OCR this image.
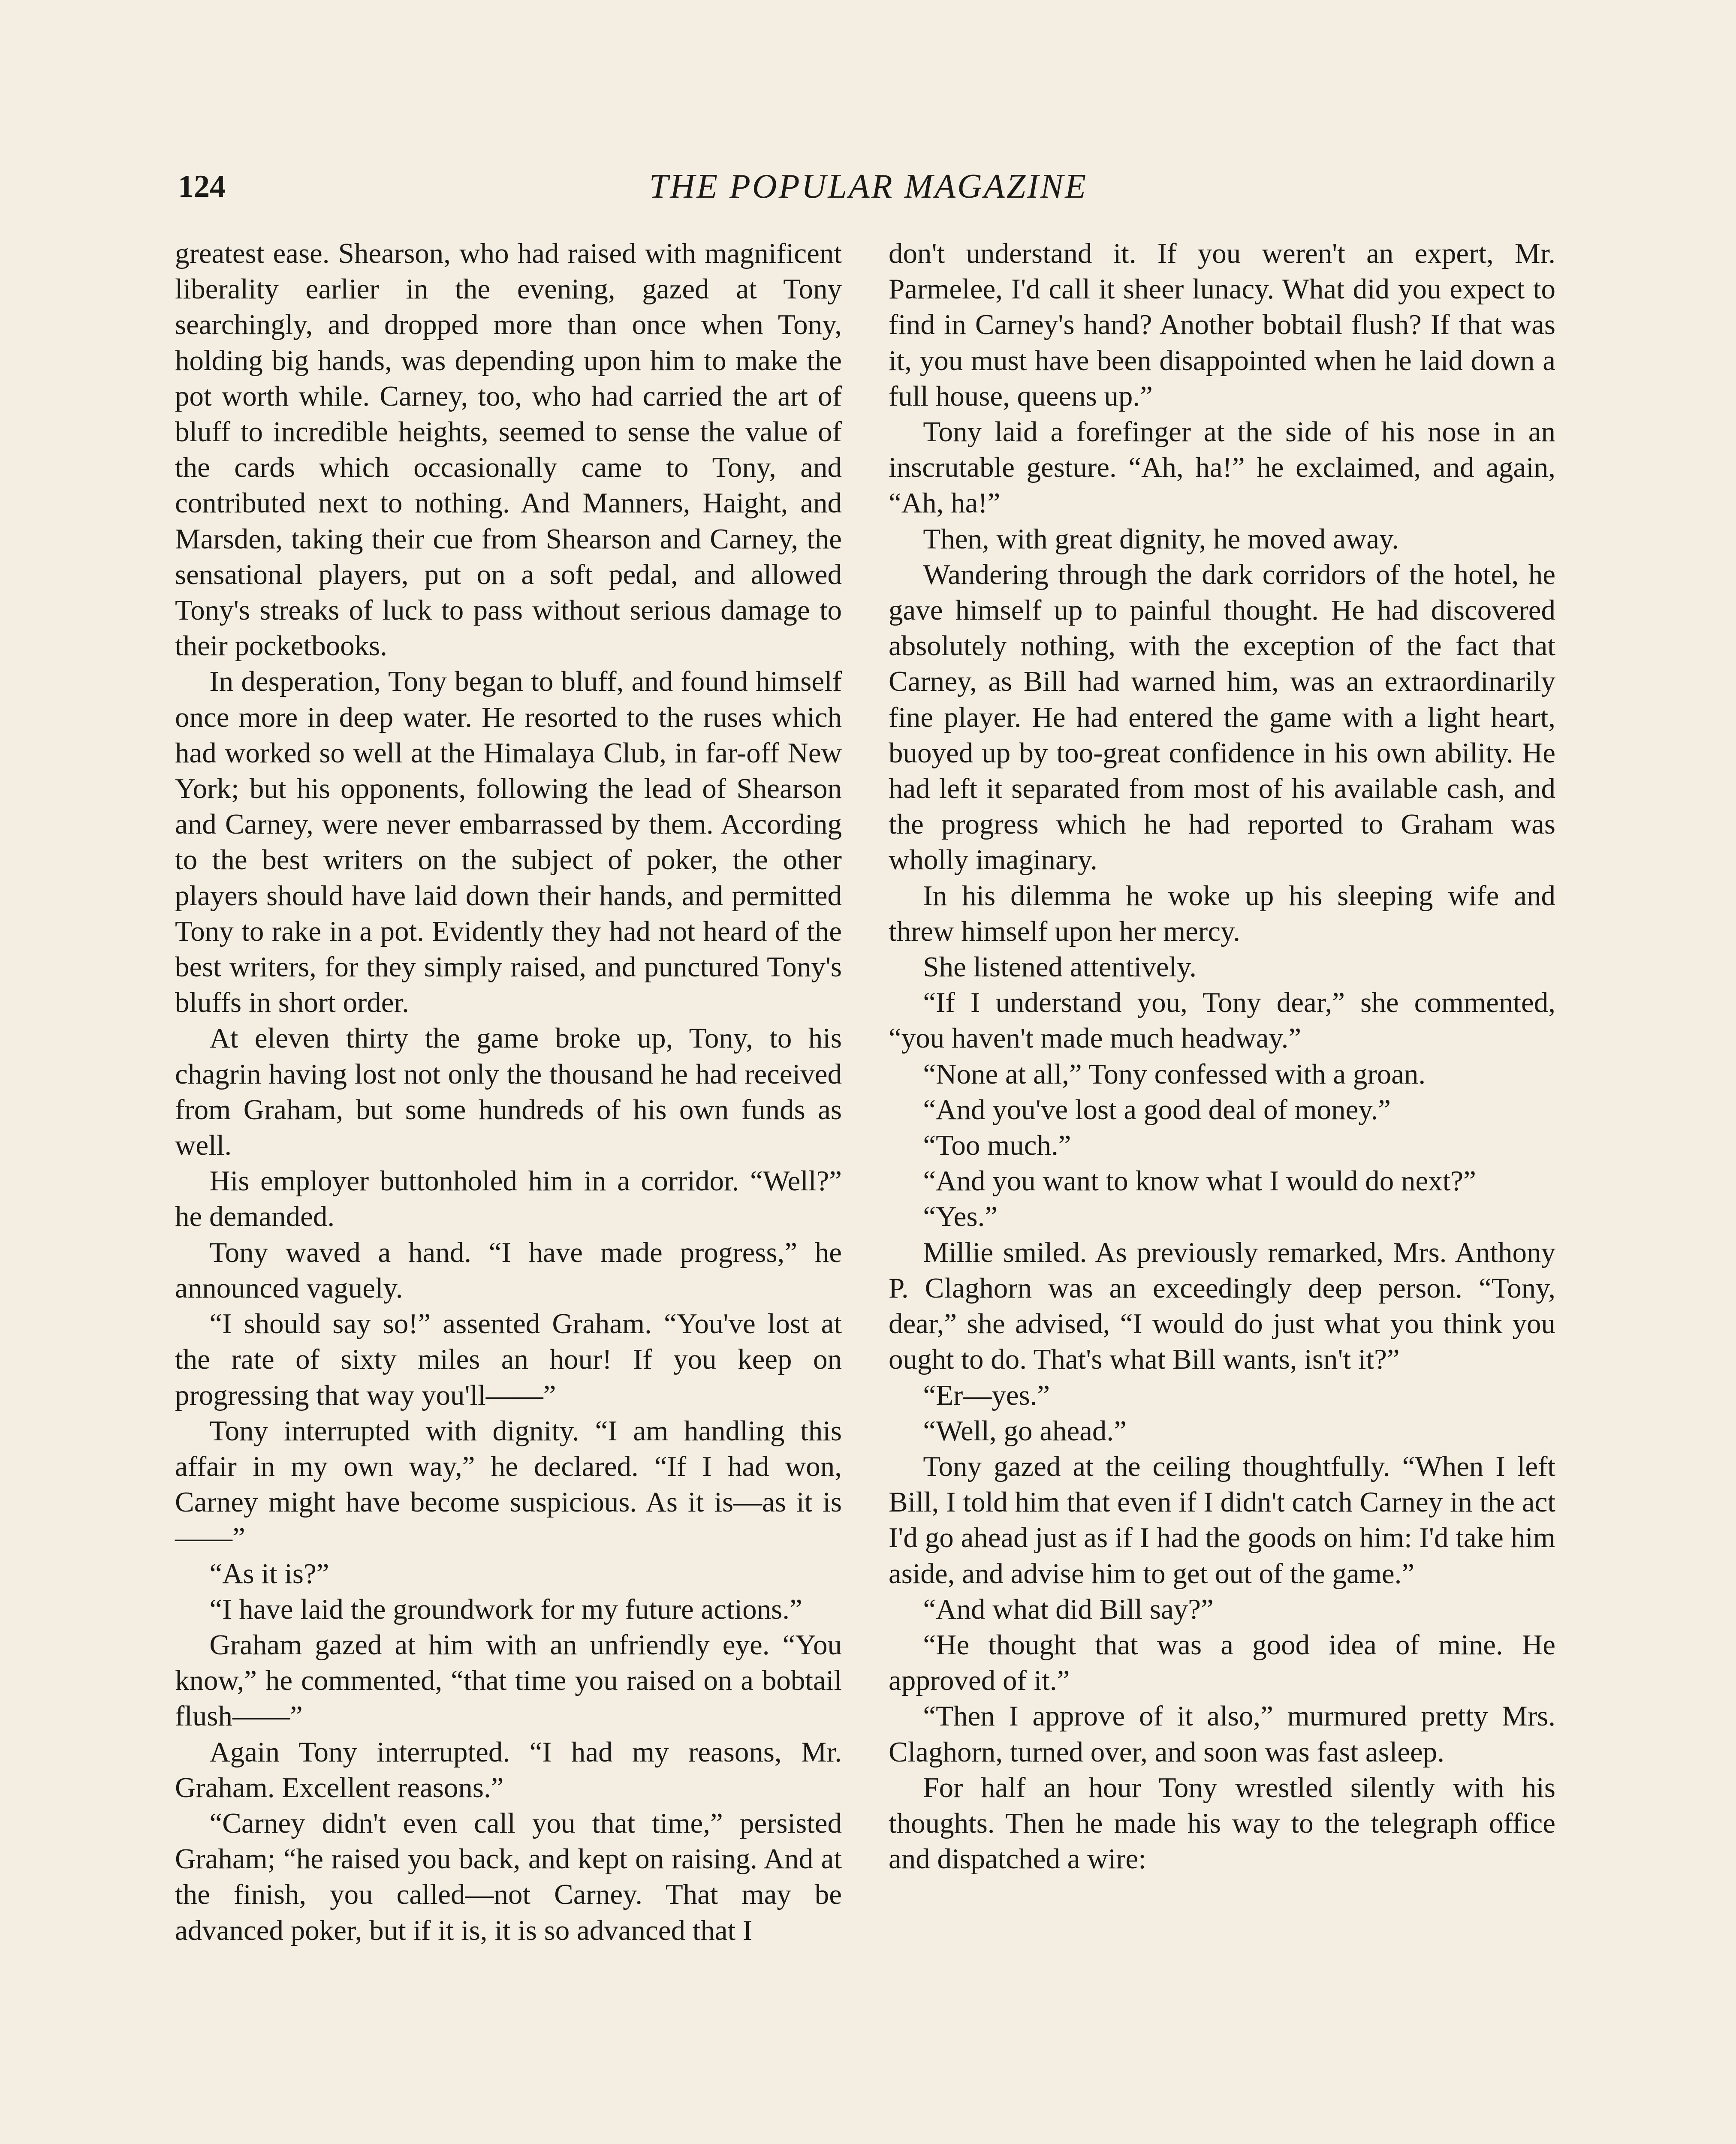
124	THE POPULAR MAGAZINE

greatest ease. Shearson, who had raised with magnificent liberality earlier in the evening, gazed at Tony searchingly, and dropped more than once when Tony, holding big hands, was depending upon him to make the pot worth while. Carney, too, who had carried the art of bluff to incredible heights, seemed to sense the value of the cards which occasionally came to Tony, and contributed next to nothing. And Manners, Haight, and Marsden, taking their cue from Shearson and Carney, the sensational players, put on a soft pedal, and allowed Tony's streaks of luck to pass without serious damage to their pocketbooks.

In desperation, Tony began to bluff, and found himself once more in deep water. He resorted to the ruses which had worked so well at the Himalaya Club, in far-off New York; but his opponents, following the lead of Shearson and Carney, were never embarrassed by them. According to the best writers on the subject of poker, the other players should have laid down their hands, and permitted Tony to rake in a pot. Evidently they had not heard of the best writers, for they simply raised, and punctured Tony's bluffs in short order.

At eleven thirty the game broke up, Tony, to his chagrin having lost not only the thousand he had received from Graham, but some hundreds of his own funds as well.

His employer buttonholed him in a corridor. “Well?” he demanded.

Tony waved a hand. “I have made progress,” he announced vaguely.

“I should say so!” assented Graham. “You've lost at the rate of sixty miles an hour! If you keep on progressing that way you'll——”

Tony interrupted with dignity. “I am handling this affair in my own way,” he declared. “If I had won, Carney might have become suspicious. As it is—as it is——”

“As it is?”

“I have laid the groundwork for my future actions.”

Graham gazed at him with an unfriendly eye. “You know,” he commented, “that time you raised on a bobtail flush——”

Again Tony interrupted. “I had my reasons, Mr. Graham. Excellent reasons.”

“Carney didn't even call you that time,” persisted Graham; “he raised you back, and kept on raising. And at the finish, you called—not Carney. That may be advanced poker, but if it is, it is so advanced that I

don't understand it. If you weren't an expert, Mr. Parmelee, I'd call it sheer lunacy. What did you expect to find in Carney's hand? Another bobtail flush? If that was it, you must have been disappointed when he laid down a full house, queens up.”

Tony laid a forefinger at the side of his nose in an inscrutable gesture. “Ah, ha!” he exclaimed, and again, “Ah, ha!”

Then, with great dignity, he moved away.

Wandering through the dark corridors of the hotel, he gave himself up to painful thought. He had discovered absolutely nothing, with the exception of the fact that Carney, as Bill had warned him, was an extraordinarily fine player. He had entered the game with a light heart, buoyed up by too-great confidence in his own ability. He had left it separated from most of his available cash, and the progress which he had reported to Graham was wholly imaginary.

In his dilemma he woke up his sleeping wife and threw himself upon her mercy.

She listened attentively.

“If I understand you, Tony dear,” she commented, “you haven't made much headway.”

“None at all,” Tony confessed with a groan.

“And you've lost a good deal of money.”

“Too much.”

“And you want to know what I would do next?”

“Yes.”

Millie smiled. As previously remarked, Mrs. Anthony P. Claghorn was an exceedingly deep person. “Tony, dear,” she advised, “I would do just what you think you ought to do. That's what Bill wants, isn't it?”

“Er—yes.”

“Well, go ahead.”

Tony gazed at the ceiling thoughtfully. “When I left Bill, I told him that even if I didn't catch Carney in the act I'd go ahead just as if I had the goods on him: I'd take him aside, and advise him to get out of the game.”

“And what did Bill say?”

“He thought that was a good idea of mine. He approved of it.”

“Then I approve of it also,” murmured pretty Mrs. Claghorn, turned over, and soon was fast asleep.

For half an hour Tony wrestled silently with his thoughts. Then he made his way to the telegraph office and dispatched a wire:
